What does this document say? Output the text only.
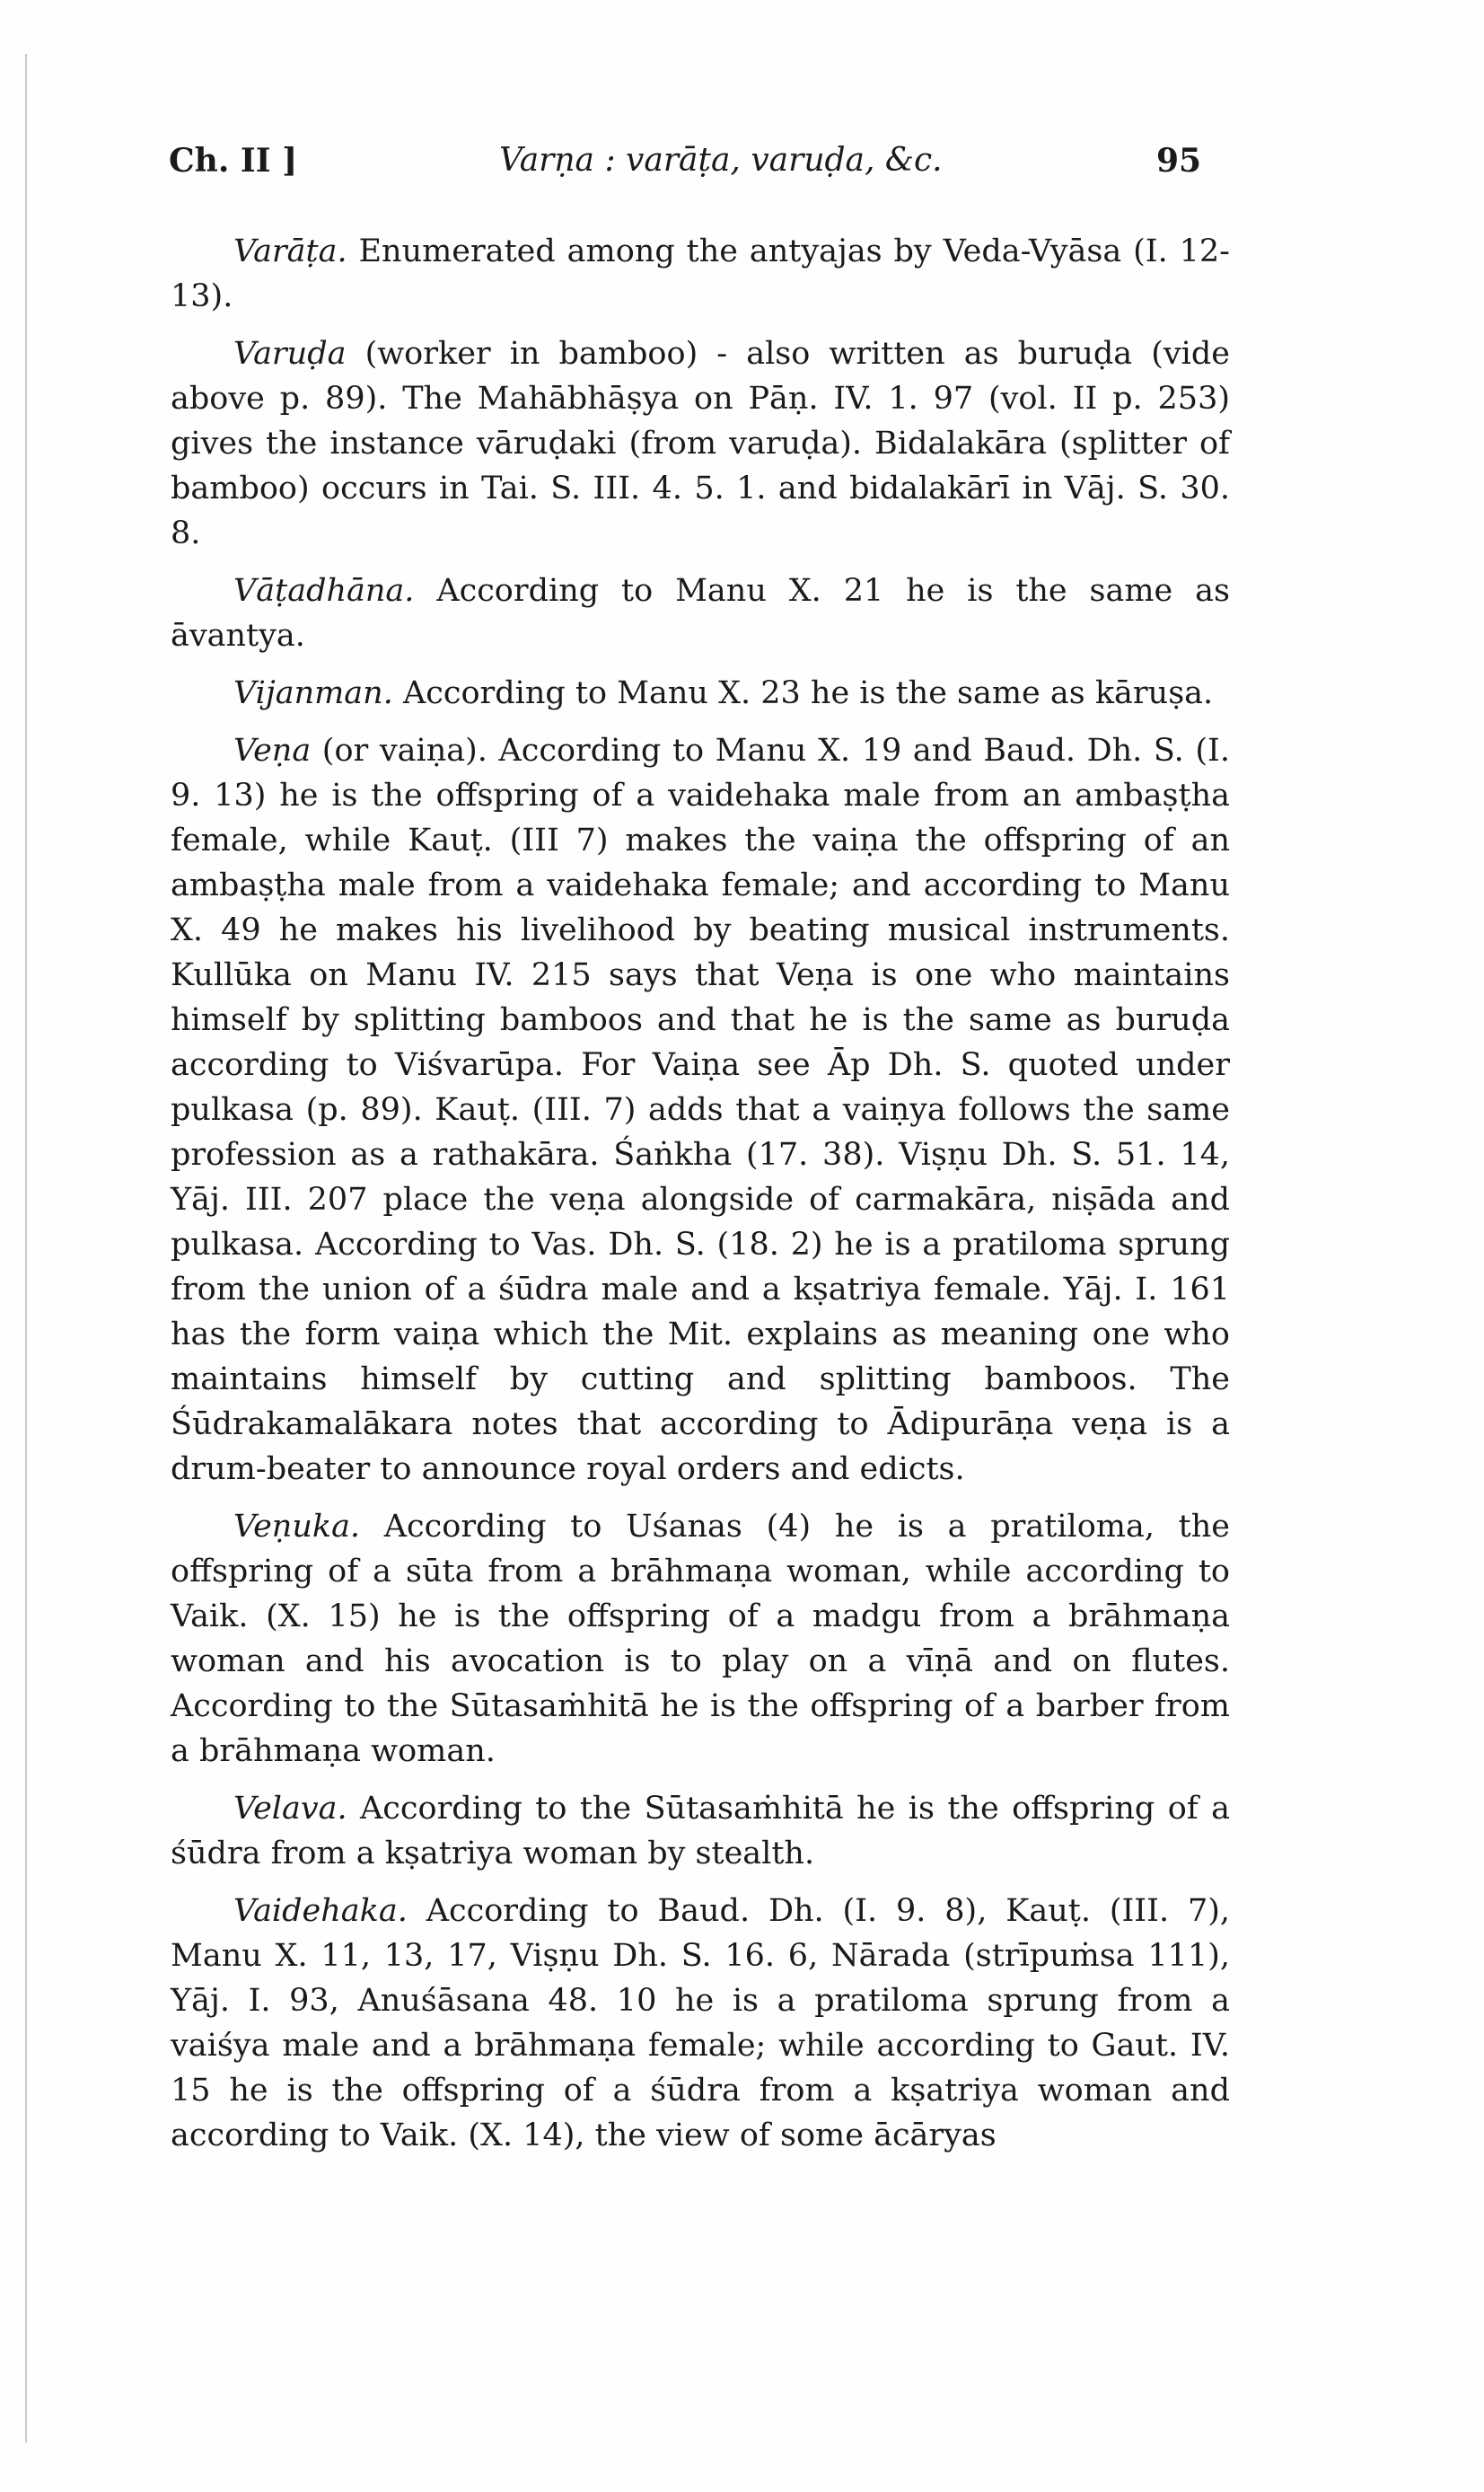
Ch. II ]	Varṇa : varāṭa, varuḍa, &c.	95

Varāṭa. Enumerated among the antyajas by Veda-Vyāsa (I. 12-13).

Varuḍa (worker in bamboo) - also written as buruḍa (vide above p. 89). The Mahābhāṣya on Pāṇ. IV. 1. 97 (vol. II p. 253) gives the instance vāruḍaki (from varuḍa). Bidalakāra (splitter of bamboo) occurs in Tai. S. III. 4. 5. 1. and bidalakārī in Vāj. S. 30. 8.

Vāṭadhāna. According to Manu X. 21 he is the same as āvantya.

Vijanman. According to Manu X. 23 he is the same as kāruṣa.

Veṇa (or vaiṇa). According to Manu X. 19 and Baud. Dh. S. (I. 9. 13) he is the offspring of a vaidehaka male from an ambaṣṭha female, while Kauṭ. (III 7) makes the vaiṇa the offspring of an ambaṣṭha male from a vaidehaka female; and according to Manu X. 49 he makes his livelihood by beating musical instruments. Kullūka on Manu IV. 215 says that Veṇa is one who maintains himself by splitting bamboos and that he is the same as buruḍa according to Viśvarūpa. For Vaiṇa see Āp Dh. S. quoted under pulkasa (p. 89). Kauṭ. (III. 7) adds that a vaiṇya follows the same profession as a rathakāra. Śaṅkha (17. 38). Viṣṇu Dh. S. 51. 14, Yāj. III. 207 place the veṇa alongside of carmakāra, niṣāda and pulkasa. According to Vas. Dh. S. (18. 2) he is a pratiloma sprung from the union of a śūdra male and a kṣatriya female. Yāj. I. 161 has the form vaiṇa which the Mit. explains as meaning one who maintains himself by cutting and splitting bamboos. The Śūdrakamalākara notes that according to Ādipurāṇa veṇa is a drum-beater to announce royal orders and edicts.

Veṇuka. According to Uśanas (4) he is a pratiloma, the offspring of a sūta from a brāhmaṇa woman, while according to Vaik. (X. 15) he is the offspring of a madgu from a brāhmaṇa woman and his avocation is to play on a vīṇā and on flutes. According to the Sūtasaṁhitā he is the offspring of a barber from a brāhmaṇa woman.

Velava. According to the Sūtasaṁhitā he is the offspring of a śūdra from a kṣatriya woman by stealth.

Vaidehaka. According to Baud. Dh. (I. 9. 8), Kauṭ. (III. 7), Manu X. 11, 13, 17, Viṣṇu Dh. S. 16. 6, Nārada (strīpuṁsa 111), Yāj. I. 93, Anuśāsana 48. 10 he is a pratiloma sprung from a vaiśya male and a brāhmaṇa female; while according to Gaut. IV. 15 he is the offspring of a śūdra from a kṣatriya woman and according to Vaik. (X. 14), the view of some ācāryas
